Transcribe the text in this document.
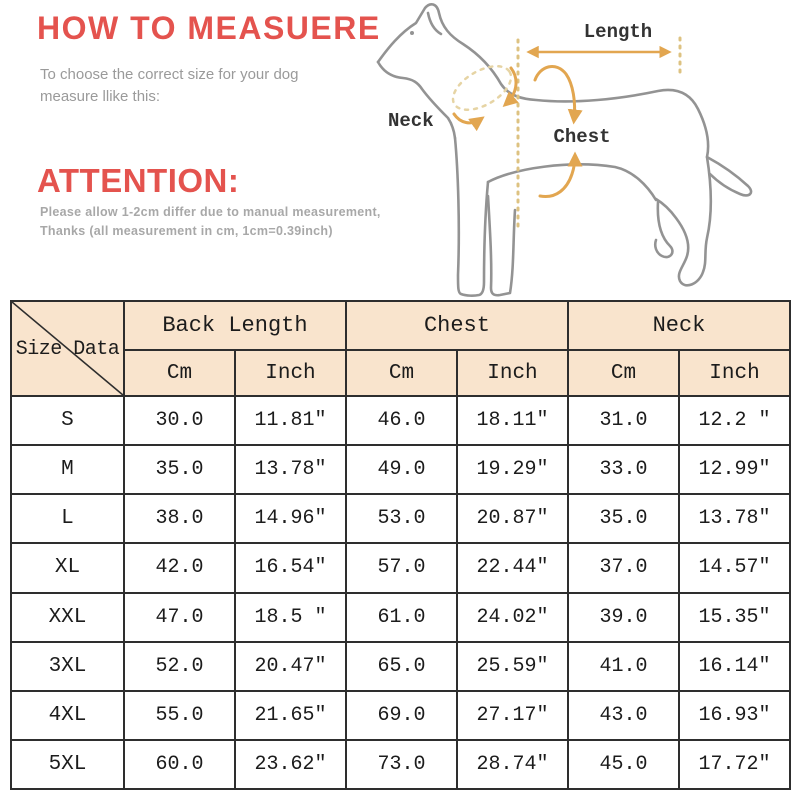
HOW TO MEASUERE

To choose the correct size for your dog
measure llike this:

ATTENTION:

Please allow 1-2cm differ due to manual measurement,
Thanks (all measurement in cm, 1cm=0.39inch)

Length
Neck
Chest
Size Data	Back Length		Chest		Neck	
	Cm	Inch	Cm	Inch	Cm	Inch
S	30.0	11.81″	46.0	18.11″	31.0	12.2 ″
M	35.0	13.78″	49.0	19.29″	33.0	12.99″
L	38.0	14.96″	53.0	20.87″	35.0	13.78″
XL	42.0	16.54″	57.0	22.44″	37.0	14.57″
XXL	47.0	18.5 ″	61.0	24.02″	39.0	15.35″
3XL	52.0	20.47″	65.0	25.59″	41.0	16.14″
4XL	55.0	21.65″	69.0	27.17″	43.0	16.93″
5XL	60.0	23.62″	73.0	28.74″	45.0	17.72″
